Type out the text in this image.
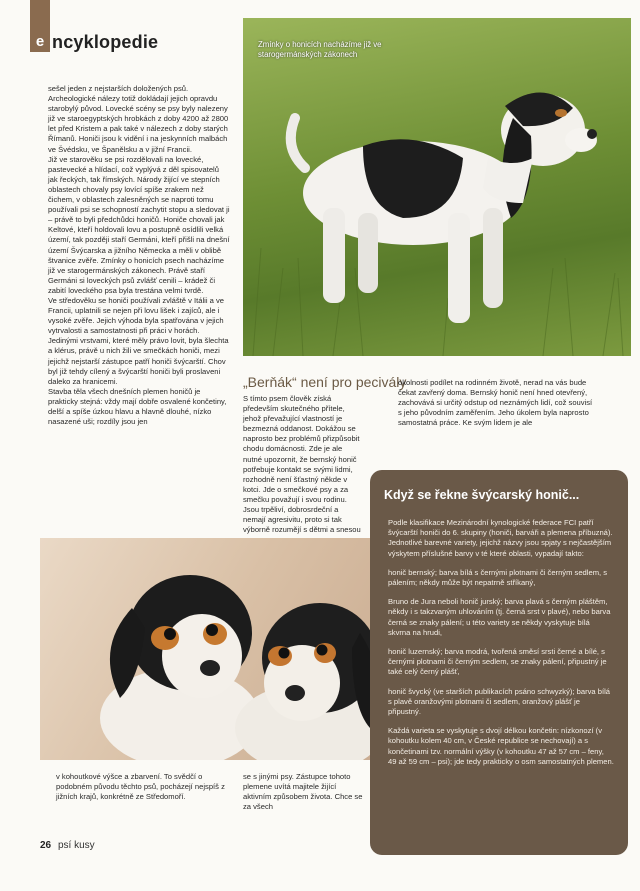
e ncyklopedie

sešel jeden z nejstarších doložených psů.

Archeologické nálezy totiž dokládají jejich opravdu starobylý původ. Lovecké scény se psy byly nalezeny již ve staroegyptských hrobkách z doby 4200 až 2800 let před Kristem a pak také v nálezech z doby starých Římanů. Honiči jsou k vidění i na jeskynních malbách ve Švédsku, ve Španělsku a v jižní Francii.

Již ve starověku se psi rozdělovali na lovecké, pastevecké a hlídací, což vyplývá z děl spisovatelů jak řeckých, tak římských. Národy žijící ve stepních oblastech chovaly psy lovící spíše zrakem než čichem, v oblastech zalesněných se naproti tomu používali psi se schopností zachytit stopu a sledovat ji – právě to byli předchůdci honičů. Honiče chovali jak Keltové, kteří holdovali lovu a postupně osídlili velká území, tak později staří Germáni, kteří přišli na dnešní území Švýcarska a jižního Německa a měli v oblibě štvanice zvěře. Zmínky o honicích psech nacházíme již ve starogermánských zákonech. Právě staří Germáni si loveckých psů zvlášť cenili – krádež či zabití loveckého psa byla trestána velmi tvrdě.

Ve středověku se honiči používali zvláště v Itálii a ve Francii, uplatnili se nejen při lovu lišek i zajíců, ale i vysoké zvěře. Jejich výhoda byla spatřována v jejich vytrvalosti a samostatnosti při práci v horách. Jedinými vrstvami, které měly právo lovit, byla šlechta a klérus, právě u nich žili ve smečkách honiči, mezi jejichž nejstarší zástupce patří honiči švýcarští. Chov byl již tehdy cílený a švýcarští honiči byli proslaveni daleko za hranicemi.

Stavba těla všech dnešních plemen honičů je prakticky stejná: vždy mají dobře osvalené končetiny, delší a spíše úzkou hlavu a hlavně dlouhé, nízko nasazené uši; rozdíly jsou jen

Zmínky o honicích nacházíme již ve starogermánských zákonech
„Berňák“ není pro pecivály

S tímto psem člověk získá především skutečného přítele, jehož převažující vlastností je bezmezná oddanost. Dokážou se naprosto bez problémů přizpůsobit chodu domácnosti. Zde je ale nutné upozornit, že bernský honič potřebuje kontakt se svými lidmi, rozhodně není šťastný někde v kotci. Jde o smečkové psy a za smečku považují i svou rodinu. Jsou trpěliví, dobrosrdeční a nemají agresivitu, proto si tak výborně rozumějí s dětmi a snesou

okolnosti podílet na rodinném životě, nerad na vás bude čekat zavřený doma. Bernský honič není hned otevřený, zachovává si určitý odstup od neznámých lidí, což souvisí s jeho původním zaměřením. Jeho úkolem byla naprosto samostatná práce. Ke svým lidem je ale

v kohoutkové výšce a zbarvení. To svědčí o podobném původu těchto psů, pocházejí nejspíš z jižních krajů, konkrétně ze Středomoří.

se s jinými psy. Zástupce tohoto plemene uvítá majitele žijící aktivním způsobem života. Chce se za všech

Když se řekne švýcarský honič...

Podle klasifikace Mezinárodní kynologické federace FCI patří švýcarští honiči do 6. skupiny (honiči, barváři a plemena příbuzná). Jednotlivé barevné variety, jejichž názvy jsou spjaty s nejčastějším výskytem příslušné barvy v té které oblasti, vypadají takto:

honič bernský; barva bílá s černými plotnami či černým sedlem, s pálením; někdy může být nepatrně stříkaný,

Bruno de Jura neboli honič jurský; barva plavá s černým pláštěm, někdy i s takzvaným uhlováním (tj. černá srst v plavé), nebo barva černá se znaky pálení; u této variety se někdy vyskytuje bílá skvrna na hrudi,

honič luzernský; barva modrá, tvořená směsí srsti černé a bílé, s černými plotnami či černým sedlem, se znaky pálení, připustný je také celý černý plášť,

honič švycký (ve starších publikacích psáno schwyzký); barva bílá s plavě oranžovými plotnami či sedlem, oranžový plášť je připustný.

Každá varieta se vyskytuje s dvojí délkou končetin: nízkonozí (v kohoutku kolem 40 cm, v České republice se nechovají) a s končetinami tzv. normální výšky (v kohoutku 47 až 57 cm – feny, 49 až 59 cm – psi); jde tedy prakticky o osm samostatných plemen.

26 psí kusy
